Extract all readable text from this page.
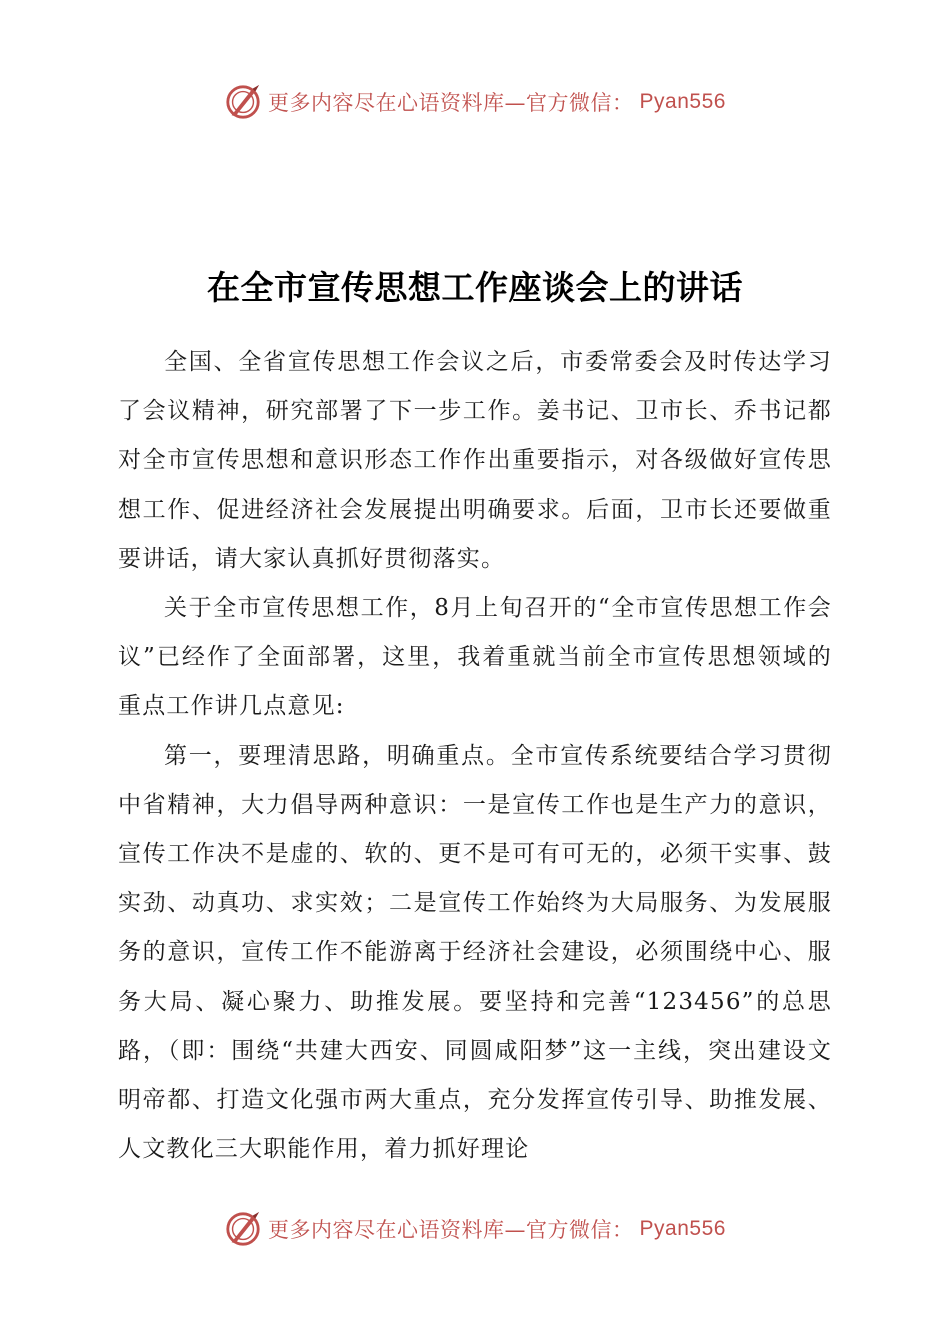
更多内容尽在心语资料库—官方微信： Pyan556
在全市宣传思想工作座谈会上的讲话

全国、全省宣传思想工作会议之后，市委常委会及时传达学习了会议精神，研究部署了下一步工作。姜书记、卫市长、乔书记都对全市宣传思想和意识形态工作作出重要指示，对各级做好宣传思想工作、促进经济社会发展提出明确要求。后面，卫市长还要做重要讲话，请大家认真抓好贯彻落实。

关于全市宣传思想工作，8月上旬召开的“全市宣传思想工作会议”已经作了全面部署，这里，我着重就当前全市宣传思想领域的重点工作讲几点意见:

第一，要理清思路，明确重点。全市宣传系统要结合学习贯彻中省精神，大力倡导两种意识：一是宣传工作也是生产力的意识，宣传工作决不是虚的、软的、更不是可有可无的，必须干实事、鼓实劲、动真功、求实效；二是宣传工作始终为大局服务、为发展服务的意识，宣传工作不能游离于经济社会建设，必须围绕中心、服务大局、凝心聚力、助推发展。要坚持和完善“123456”的总思路，（即：围绕“共建大西安、同圆咸阳梦”这一主线，突出建设文明帝都、打造文化强市两大重点，充分发挥宣传引导、助推发展、人文教化三大职能作用，着力抓好理论

更多内容尽在心语资料库—官方微信： Pyan556
